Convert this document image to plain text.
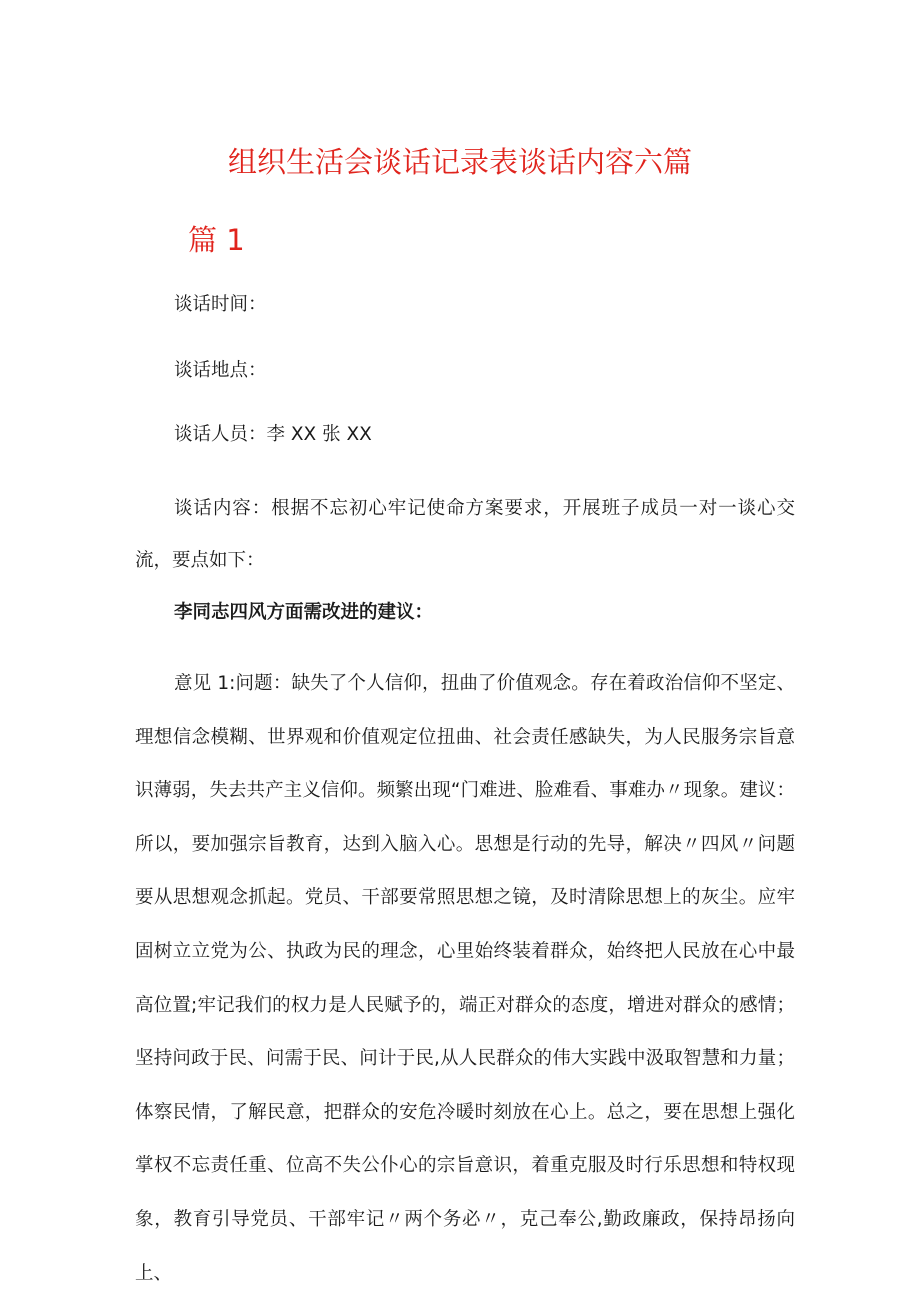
组织生活会谈话记录表谈话内容六篇
篇 1

谈话时间：

谈话地点：

谈话人员：李 XX 张 XX

谈话内容：根据不忘初心牢记使命方案要求，开展班子成员一对一谈心交流，要点如下：

李同志四风方面需改进的建议：

意见 1:问题：缺失了个人信仰，扭曲了价值观念。存在着政治信仰不坚定、理想信念模糊、世界观和价值观定位扭曲、社会责任感缺失，为人民服务宗旨意识薄弱，失去共产主义信仰。频繁出现“门难进、脸难看、事难办〃现象。建议：所以，要加强宗旨教育，达到入脑入心。思想是行动的先导，解决〃四风〃问题要从思想观念抓起。党员、干部要常照思想之镜，及时清除思想上的灰尘。应牢固树立立党为公、执政为民的理念，心里始终装着群众，始终把人民放在心中最高位置;牢记我们的权力是人民赋予的，端正对群众的态度，增进对群众的感情；坚持问政于民、问需于民、问计于民,从人民群众的伟大实践中汲取智慧和力量；体察民情，了解民意，把群众的安危冷暖时刻放在心上。总之，要在思想上强化掌权不忘责任重、位高不失公仆心的宗旨意识，着重克服及时行乐思想和特权现象，教育引导党员、干部牢记〃两个务必〃，克己奉公,勤政廉政，保持昂扬向上、
